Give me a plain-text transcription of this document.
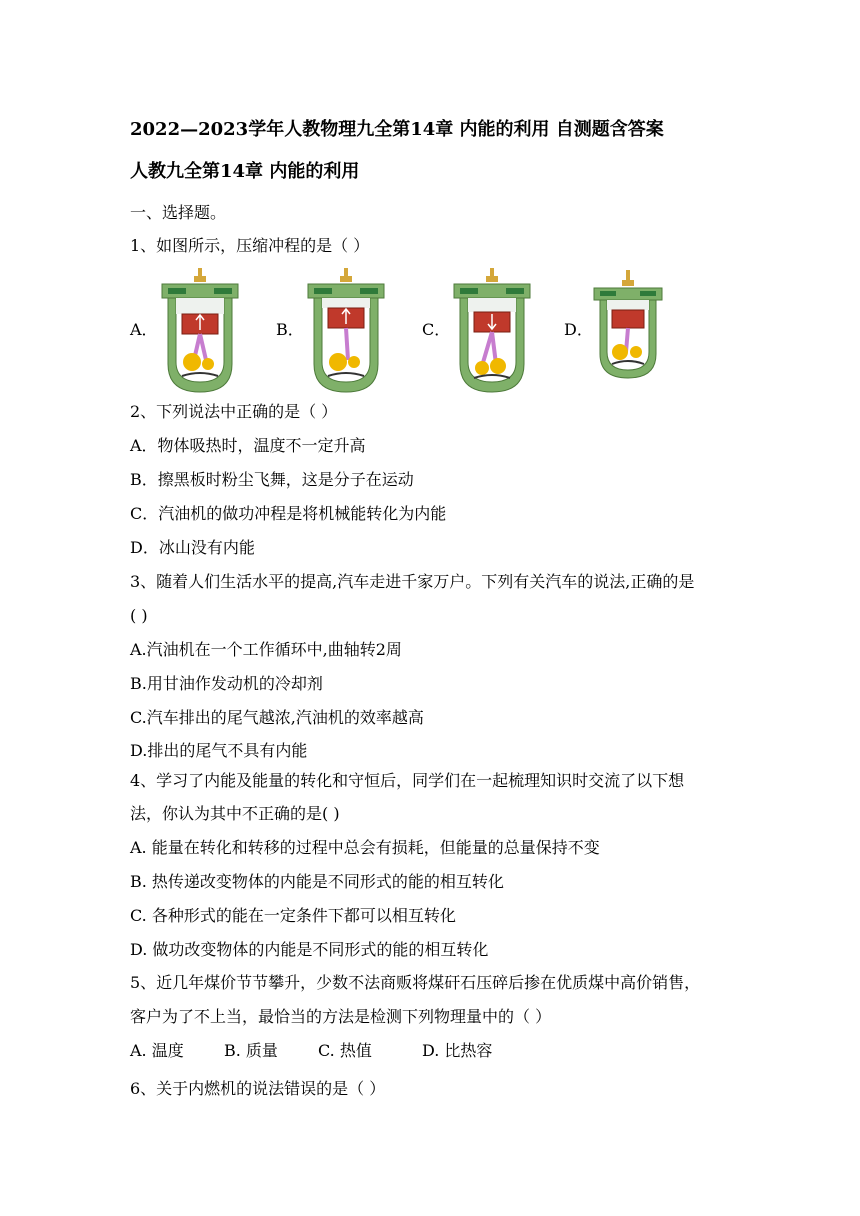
2022—2023学年人教物理九全第14章 内能的利用 自测题含答案
人教九全第14章 内能的利用
一、选择题。
1、如图所示，压缩冲程的是（ ）
A．	B．	C．	D．
2、下列说法中正确的是（ ）
A．物体吸热时，温度不一定升高
B．擦黑板时粉尘飞舞，这是分子在运动
C．汽油机的做功冲程是将机械能转化为内能
D．冰山没有内能
3、随着人们生活水平的提高,汽车走进千家万户。下列有关汽车的说法,正确的是
( )
A.汽油机在一个工作循环中,曲轴转2周
B.用甘油作发动机的冷却剂
C.汽车排出的尾气越浓,汽油机的效率越高
D.排出的尾气不具有内能
4、学习了内能及能量的转化和守恒后，同学们在一起梳理知识时交流了以下想
法，你认为其中不正确的是( )
A. 能量在转化和转移的过程中总会有损耗，但能量的总量保持不变
B. 热传递改变物体的内能是不同形式的能的相互转化
C. 各种形式的能在一定条件下都可以相互转化
D. 做功改变物体的内能是不同形式的能的相互转化
5、近几年煤价节节攀升，少数不法商贩将煤矸石压碎后掺在优质煤中高价销售，
客户为了不上当，最恰当的方法是检测下列物理量中的（ ）
A. 温度	B. 质量	C. 热值	D. 比热容
6、关于内燃机的说法错误的是（ ）
